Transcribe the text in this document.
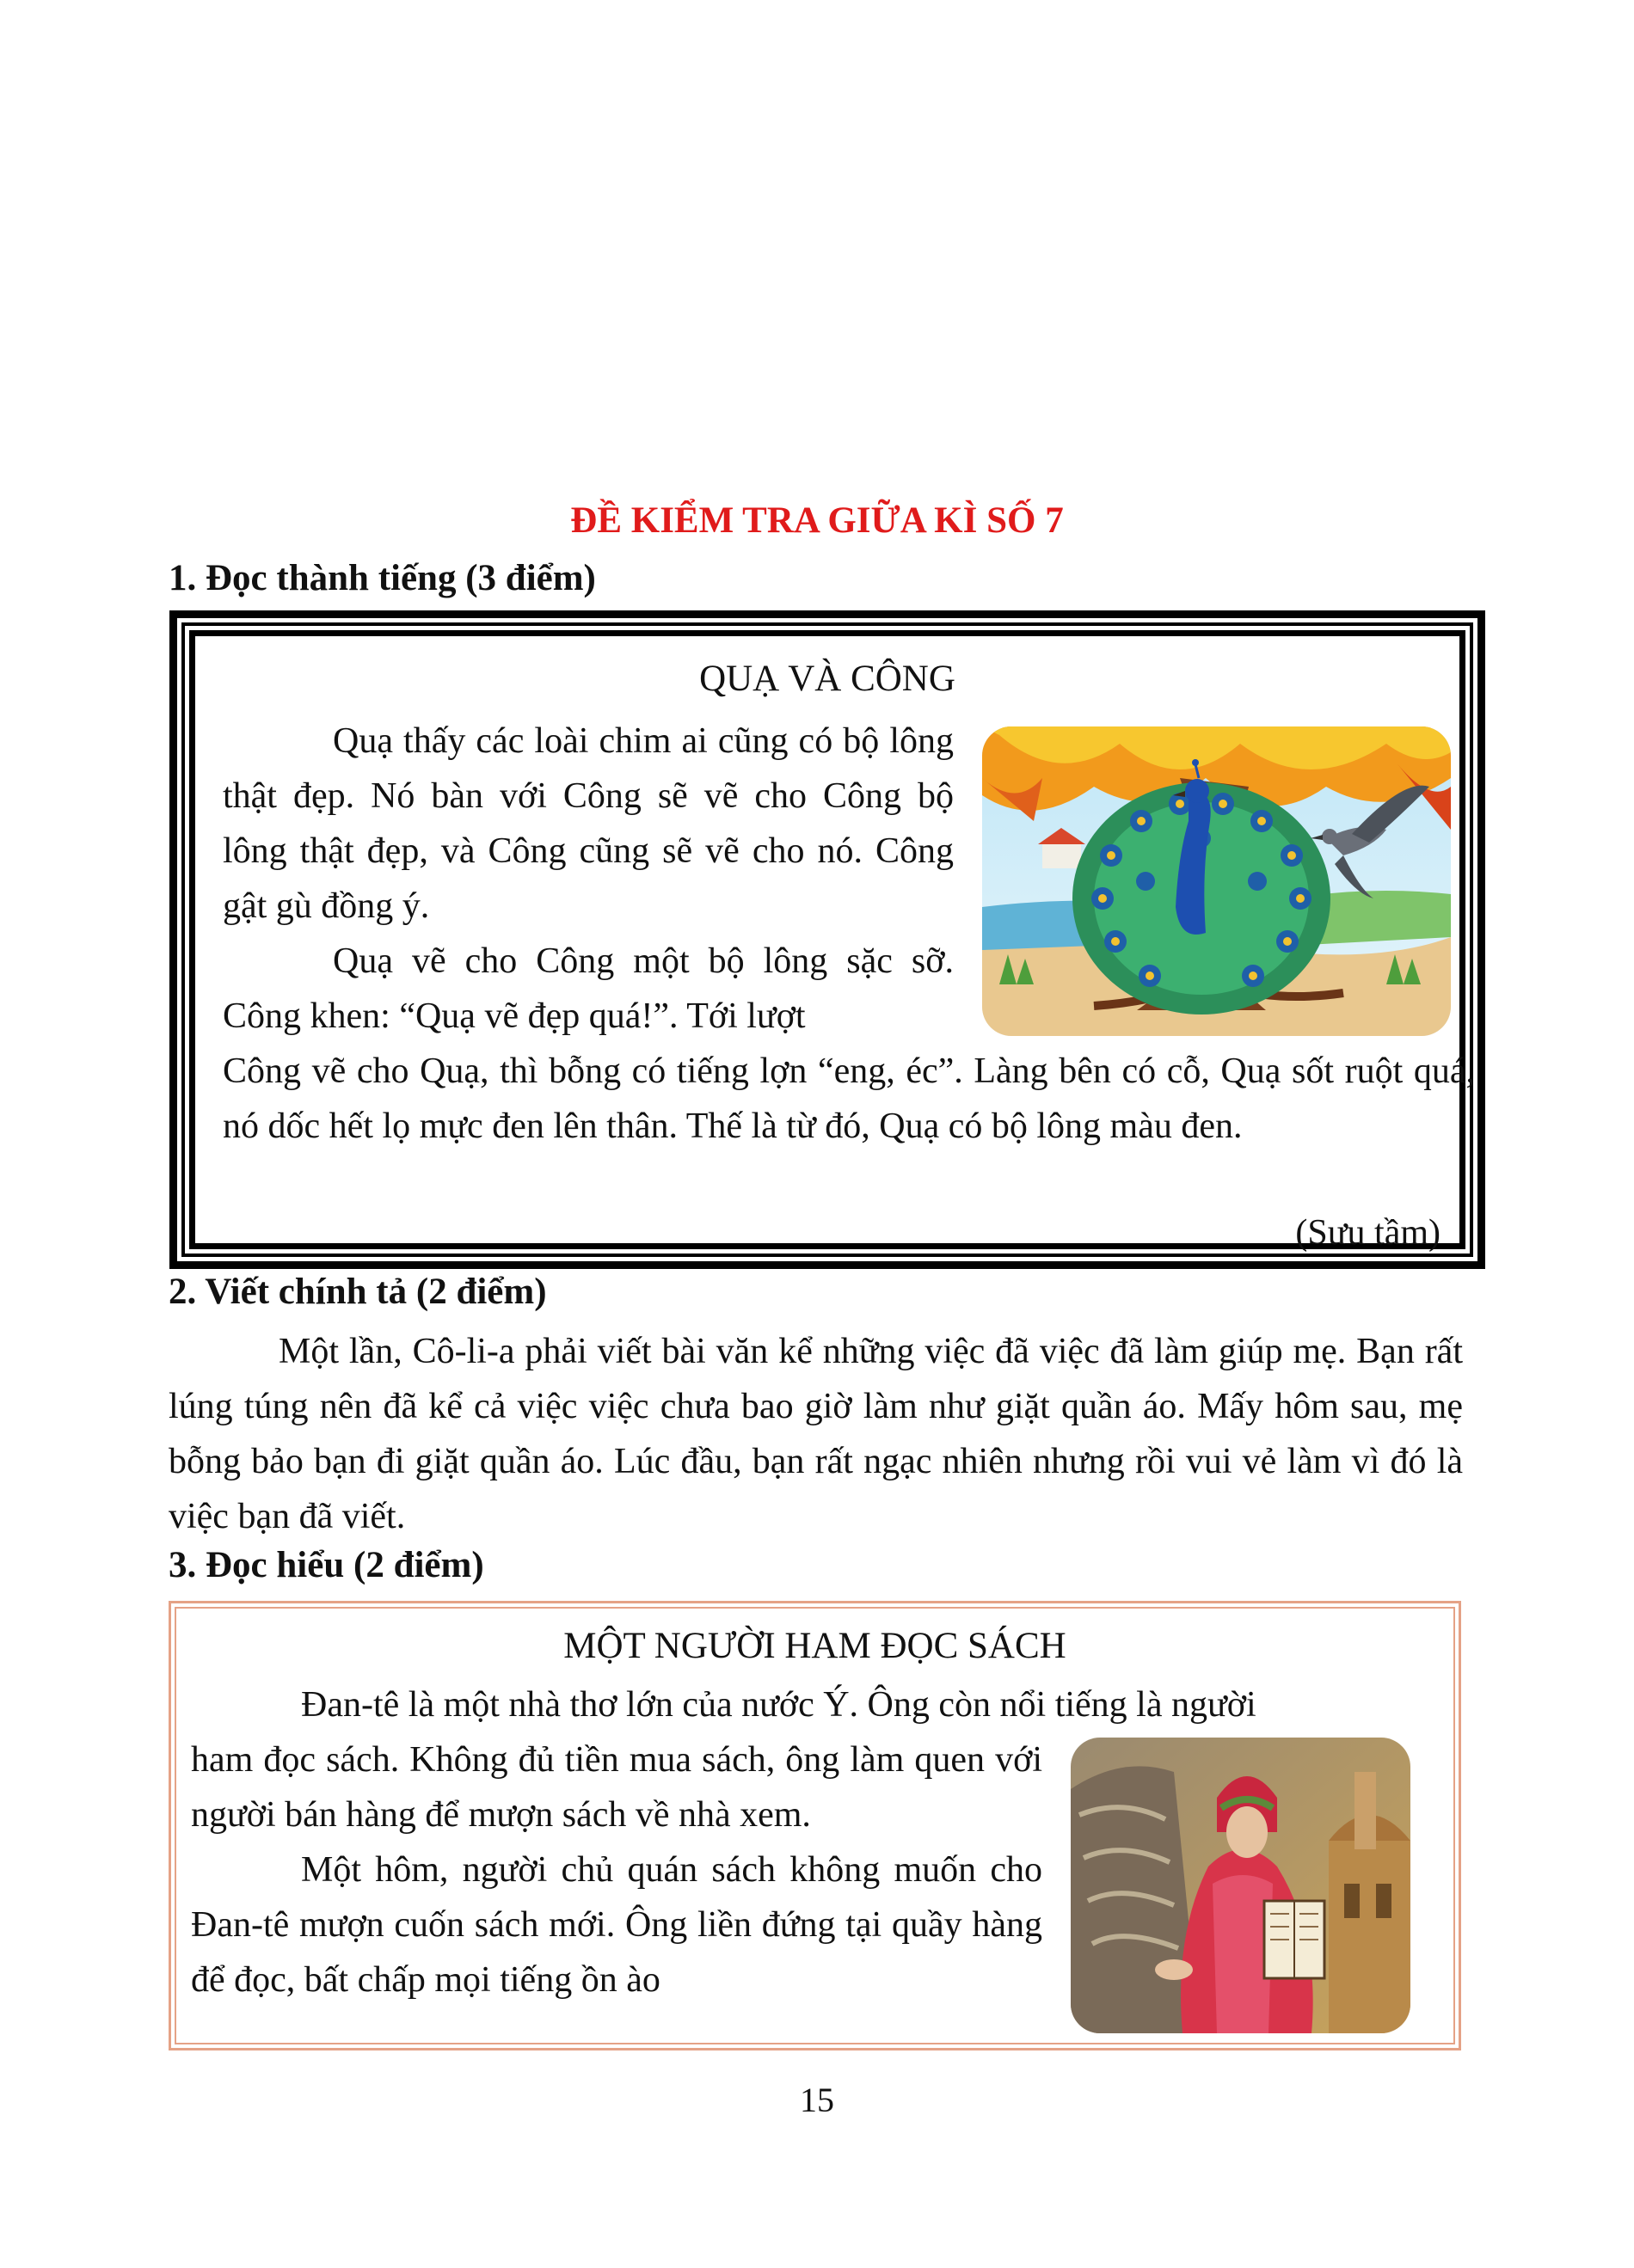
ĐỀ KIỂM TRA GIỮA KÌ SỐ 7
1. Đọc thành tiếng (3 điểm)
QUẠ VÀ CÔNG

Quạ thấy các loài chim ai cũng có bộ lông thật đẹp. Nó bàn với Công sẽ vẽ cho Công bộ lông thật đẹp, và Công cũng sẽ vẽ cho nó. Công gật gù đồng ý.

Quạ vẽ cho Công một bộ lông sặc sỡ. Công khen: “Quạ vẽ đẹp quá!”. Tới lượt

Công vẽ cho Quạ, thì bỗng có tiếng lợn “eng, éc”. Làng bên có cỗ, Quạ sốt ruột quá, nó dốc hết lọ mực đen lên thân. Thế là từ đó, Quạ có bộ lông màu đen.

(Sưu tầm)
2. Viết chính tả (2 điểm)
Một lần, Cô-li-a phải viết bài văn kể những việc đã việc đã làm giúp mẹ. Bạn rất lúng túng nên đã kể cả việc việc chưa bao giờ làm như giặt quần áo. Mấy hôm sau, mẹ bỗng bảo bạn đi giặt quần áo. Lúc đầu, bạn rất ngạc nhiên nhưng rồi vui vẻ làm vì đó là việc bạn đã viết.
3. Đọc hiểu (2 điểm)
MỘT NGƯỜI HAM ĐỌC SÁCH
Đan-tê là một nhà thơ lớn của nước Ý. Ông còn nổi tiếng là người

ham đọc sách. Không đủ tiền mua sách, ông làm quen với người bán hàng để mượn sách về nhà xem.

Một hôm, người chủ quán sách không muốn cho Đan-tê mượn cuốn sách mới. Ông liền đứng tại quầy hàng để đọc, bất chấp mọi tiếng ồn ào

15
